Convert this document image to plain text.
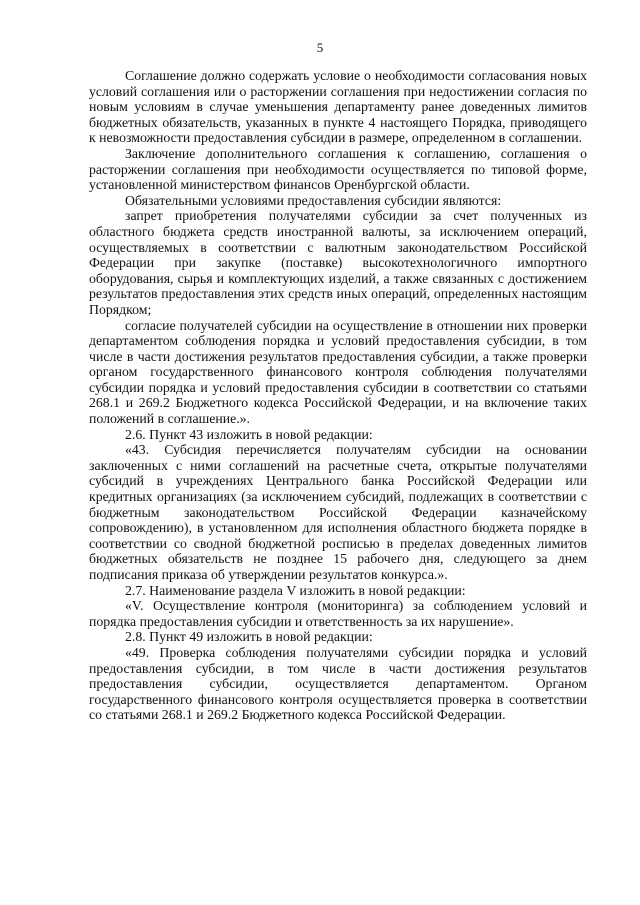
5

Соглашение должно содержать условие о необходимости согласования новых условий соглашения или о расторжении соглашения при недостижении согласия по новым условиям в случае уменьшения департаменту ранее доведенных лимитов бюджетных обязательств, указанных в пункте 4 настоящего Порядка, приводящего к невозможности предоставления субсидии в размере, определенном в соглашении.

Заключение дополнительного соглашения к соглашению, соглашения о расторжении соглашения при необходимости осуществляется по типовой форме, установленной министерством финансов Оренбургской области.

Обязательными условиями предоставления субсидии являются:

запрет приобретения получателями субсидии за счет полученных из областного бюджета средств иностранной валюты, за исключением операций, осуществляемых в соответствии с валютным законодательством Российской Федерации при закупке (поставке) высокотехнологичного импортного оборудования, сырья и комплектующих изделий, а также связанных с достижением результатов предоставления этих средств иных операций, определенных настоящим Порядком;

согласие получателей субсидии на осуществление в отношении них проверки департаментом соблюдения порядка и условий предоставления субсидии, в том числе в части достижения результатов предоставления субсидии, а также проверки органом государственного финансового контроля соблюдения получателями субсидии порядка и условий предоставления субсидии в соответствии со статьями 268.1 и 269.2 Бюджетного кодекса Российской Федерации, и на включение таких положений в соглашение.».

2.6. Пункт 43 изложить в новой редакции:

«43. Субсидия перечисляется получателям субсидии на основании заключенных с ними соглашений на расчетные счета, открытые получателями субсидий в учреждениях Центрального банка Российской Федерации или кредитных организациях (за исключением субсидий, подлежащих в соответствии с бюджетным законодательством Российской Федерации казначейскому сопровождению), в установленном для исполнения областного бюджета порядке в соответствии со сводной бюджетной росписью в пределах доведенных лимитов бюджетных обязательств не позднее 15 рабочего дня, следующего за днем подписания приказа об утверждении результатов конкурса.».

2.7. Наименование раздела V изложить в новой редакции:

«V. Осуществление контроля (мониторинга) за соблюдением условий и порядка предоставления субсидии и ответственность за их нарушение».

2.8. Пункт 49 изложить в новой редакции:

«49. Проверка соблюдения получателями субсидии порядка и условий предоставления субсидии, в том числе в части достижения результатов предоставления субсидии, осуществляется департаментом. Органом государственного финансового контроля осуществляется проверка в соответствии со статьями 268.1 и 269.2 Бюджетного кодекса Российской Федерации.
